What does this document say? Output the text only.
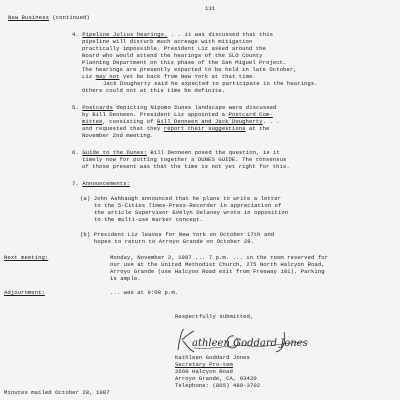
131
New Business (continued)
4. Pipeline Julius hearings. . . it was discussed that this
pipeline will disturb much acreage with mitigation
practically impossible. President Liz asked around the
Board who would attend the hearings of the SLO County
Planning Department on this phase of the San Miguel Project.
The hearings are presently expected to be held in late October,
Liz may not yet be back from New York at that time.
Jack Dougherty said he expected to participate in the hearings.
Others could not at this time be definite.
5. Postcards depicting Nipomo Dunes landscape were discussed
by Bill Denneen. President Liz appointed a Postcard Com-
mittee, consisting of Bill Denneen and Jack Dougherty. . .
and requested that they report their suggestions at the
November 2nd meeting.
6. Guide to the Dunes: Bill Denneen posed the question, is it
timely now for putting together a DUNES GUIDE. The consensus
of those present was that the time is not yet right for this.
7. Announcements:
(a) John Ashbaugh announced that he plans to write a letter
to the 5-Cities Times-Press-Recorder in appreciation of
the article Supervisor Evelyn Delaney wrote in opposition
to the multi-use marker concept.
(b) President Liz leaves for New York on October 17th and
hopes to return to Arroyo Grande on October 28.
Next meeting:	Monday, November 2, 1987 ... 7 p.m. ... in the room reserved for
our use at the United Methodist Church, 275 North Halcyon Road,
Arroyo Grande (use Halcyon Road exit from Freeway 101). Parking
is ample.
Adjournment:	... was at 9:00 p.m.
Respectfully submitted,
athleen Goddard Jones
Kathleen Goddard Jones
Secretary Pro-tem
2660 Halcyon Road
Arroyo Grande, CA, 93420
Telephone: (805) 489-3702
Minutes mailed October 28, 1987
